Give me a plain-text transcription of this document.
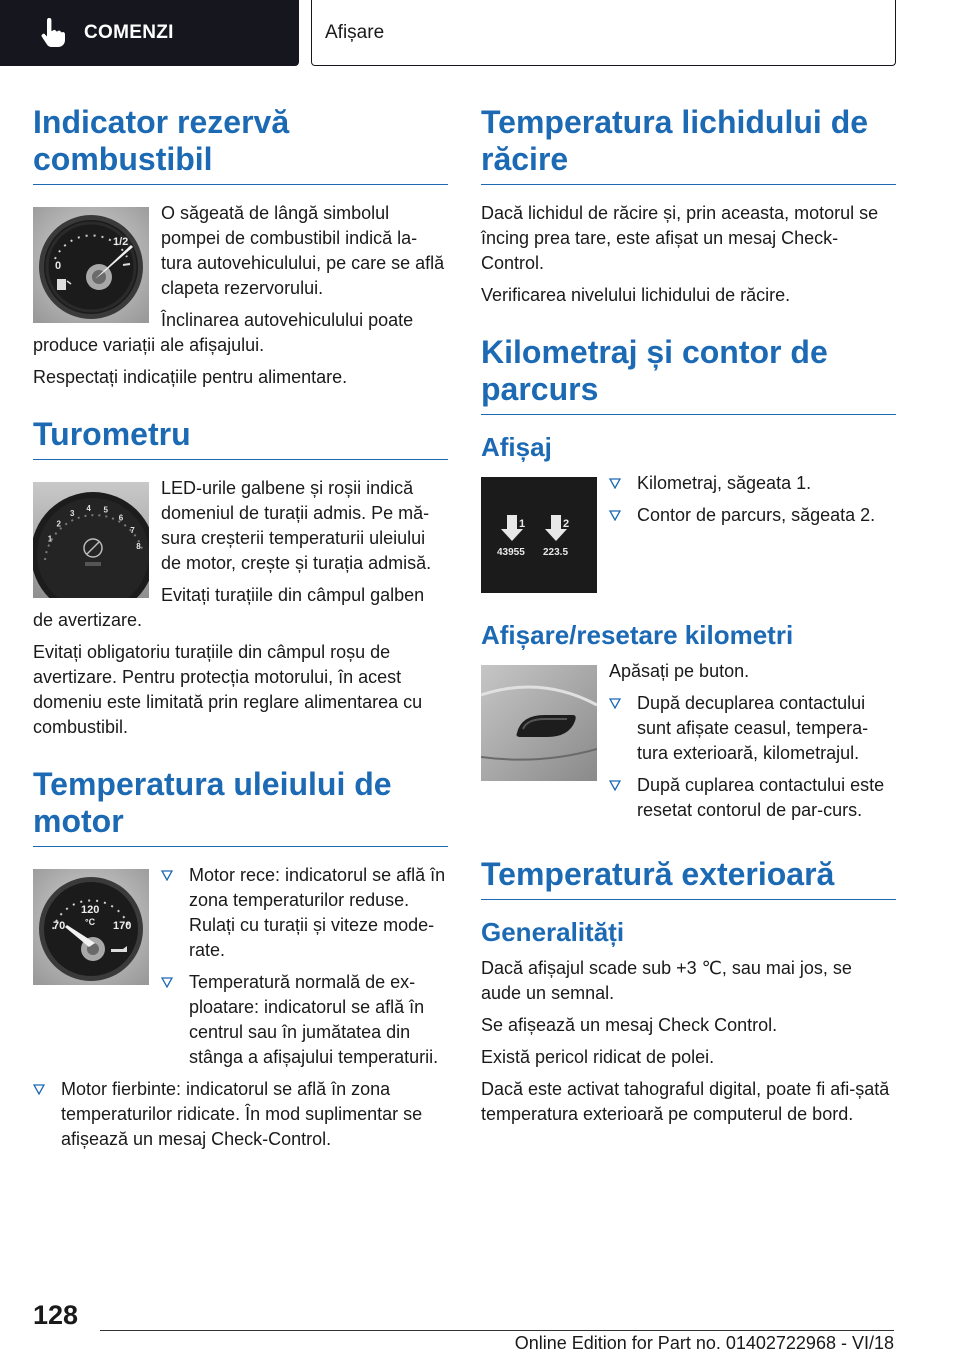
COMENZI	Afișare
Indicator rezervă combustibil
1/2
0

O săgeată de lângă simbolul pompei de combustibil indică la-tura autovehiculului, pe care se află clapeta rezervorului.

Înclinarea autovehiculului poate produce variații ale afișajului.

Respectați indicațiile pentru alimentare.

Turometru
1
2
3
4 5
6
7
8

LED-urile galbene și roșii indică domeniul de turații admis. Pe mă-sura creșterii temperaturii uleiului de motor, crește și turația admisă.

Evitați turațiile din câmpul galben de avertizare.

Evitați obligatoriu turațiile din câmpul roșu de avertizare. Pentru protecția motorului, în acest domeniu este limitată prin reglare alimentarea cu combustibil.

Temperatura uleiului de motor
120
°C
70	170
Motor rece: indicatorul se află în zona temperaturilor reduse. Rulați cu turații și viteze mode-rate.
Temperatură normală de ex-ploatare: indicatorul se află în centrul sau în jumătatea din stânga a afișajului temperaturii.
Motor fierbinte: indicatorul se află în zona temperaturilor ridicate. În mod suplimentar se afișează un mesaj Check-Control.
Temperatura lichidului de răcire

Dacă lichidul de răcire și, prin aceasta, motorul se încing prea tare, este afișat un mesaj Check-Control.

Verificarea nivelului lichidului de răcire.

Kilometraj și contor de parcurs
Afișaj
1	2
43955 223.5
Kilometraj, săgeata 1.
Contor de parcurs, săgeata 2.
Afișare/resetare kilometri

Apăsați pe buton.

După decuplarea contactului sunt afișate ceasul, tempera-tura exterioară, kilometrajul.
După cuplarea contactului este resetat contorul de par-curs.
Temperatură exterioară
Generalități

Dacă afișajul scade sub +3 ℃, sau mai jos, se aude un semnal.

Se afișează un mesaj Check Control.

Există pericol ridicat de polei.

Dacă este activat tahograful digital, poate fi afi-șată temperatura exterioară pe computerul de bord.

128
Online Edition for Part no. 01402722968 - VI/18
